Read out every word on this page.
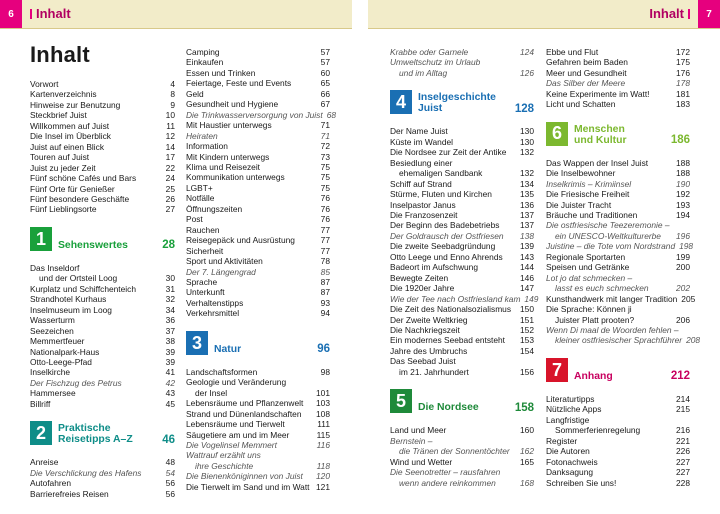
6	Inhalt	7
Inhalt
Inhalt
Vorwort	4
Kartenverzeichnis	8
Hinweise zur Benutzung	9
Steckbrief Juist	10
Willkommen auf Juist	11
Die Insel im Überblick	12
Juist auf einen Blick	14
Touren auf Juist	17
Juist zu jeder Zeit	22
Fünf schöne Cafés und Bars	24
Fünf Orte für Genießer	25
Fünf besondere Geschäfte	26
Fünf Lieblingsorte	27
1	Sehenswertes	28
Das Inseldorf
und der Ortsteil Loog	30
Kurplatz und Schiffchenteich	31
Strandhotel Kurhaus	32
Inselmuseum im Loog	34
Wasserturm	36
Seezeichen	37
Memmertfeuer	38
Nationalpark-Haus	39
Otto-Leege-Pfad	39
Inselkirche	41
Der Fischzug des Petrus	42
Hammersee	43
Billriff	45
2	Praktische
Reisetipps A–Z	46
Anreise	48
Die Verschlickung des Hafens	54
Autofahren	56
Barrierefreies Reisen	56
Camping	57
Einkaufen	57
Essen und Trinken	60
Feiertage, Feste und Events	65
Geld	66
Gesundheit und Hygiene	67
Die Trinkwasserversorgung von Juist 68
Mit Haustier unterwegs	71
Heiraten	71
Information	72
Mit Kindern unterwegs	73
Klima und Reisezeit	75
Kommunikation unterwegs	75
LGBT+	75
Notfälle	76
Öffnungszeiten	76
Post	76
Rauchen	77
Reisegepäck und Ausrüstung	77
Sicherheit	77
Sport und Aktivitäten	78
Der 7. Längengrad	85
Sprache	87
Unterkunft	87
Verhaltenstipps	93
Verkehrsmittel	94
3	Natur	96
Landschaftsformen	98
Geologie und Veränderung
der Insel	101
Lebensräume und Pflanzenwelt 103
Strand und Dünenlandschaften 108
Lebensräume und Tierwelt	111
Säugetiere am und im Meer	115
Die Vogelinsel Memmert	116
Wattrauf erzählt uns
ihre Geschichte	118
Die Bienenköniginnen von Juist 120
Die Tierwelt im Sand und im Watt 121
Krabbe oder Garnele	124
Umweltschutz im Urlaub
und im Alltag	126
4	Inselgeschichte
Juist	128
Der Name Juist	130
Küste im Wandel	130
Die Nordsee zur Zeit der Antike 132
Besiedlung einer
ehemaligen Sandbank	132
Schiff auf Strand	134
Stürme, Fluten und Kirchen	135
Inselpastor Janus	136
Die Franzosenzeit	137
Der Beginn des Badebetriebs 137
Der Goldrausch der Ostfriesen 138
Die zweite Seebadgründung	139
Otto Leege und Enno Ahrends 143
Badeort im Aufschwung	144
Bewegte Zeiten	146
Die 1920er Jahre	147
Wie der Tee nach Ostfriesland kam 149
Die Zeit des Nationalsozialismus 150
Der Zweite Weltkrieg	151
Die Nachkriegszeit	152
Ein modernes Seebad entsteht 153
Jahre des Umbruchs	154
Das Seebad Juist
im 21. Jahrhundert	156
5	Die Nordsee	158
Land und Meer	160
Bernstein –
die Tränen der Sonnentöchter 162
Wind und Wetter	165
Die Seenotretter – rausfahren
wenn andere reinkommen	168
Ebbe und Flut	172
Gefahren beim Baden	175
Meer und Gesundheit	176
Das Silber der Meere	178
Keine Experimente im Watt!	181
Licht und Schatten	183
6	Menschen
und Kultur	186
Das Wappen der Insel Juist	188
Die Inselbewohner	188
Inselkrimis – Krimiinsel	190
Die Friesische Freiheit	192
Die Juister Tracht	193
Bräuche und Traditionen	194
Die ostfriesische Teezeremonie –
ein UNESCO-Weltkulturerbe 196
Juistine – die Tote vom Nordstrand 198
Regionale Sportarten	199
Speisen und Getränke	200
Lot jo dat schmecken –
lasst es euch schmecken	202
Kunsthandwerk mit langer Tradition 205
Die Sprache: Können ji
Juister Platt prooten?	206
Wenn Di maal de Woorden fehlen –
kleiner ostfriesischer Sprachführer 208
7	Anhang	212
Literaturtipps	214
Nützliche Apps	215
Langfristige
Sommerferienregelung	216
Register	221
Die Autoren	226
Fotonachweis	227
Danksagung	227
Schreiben Sie uns!	228
